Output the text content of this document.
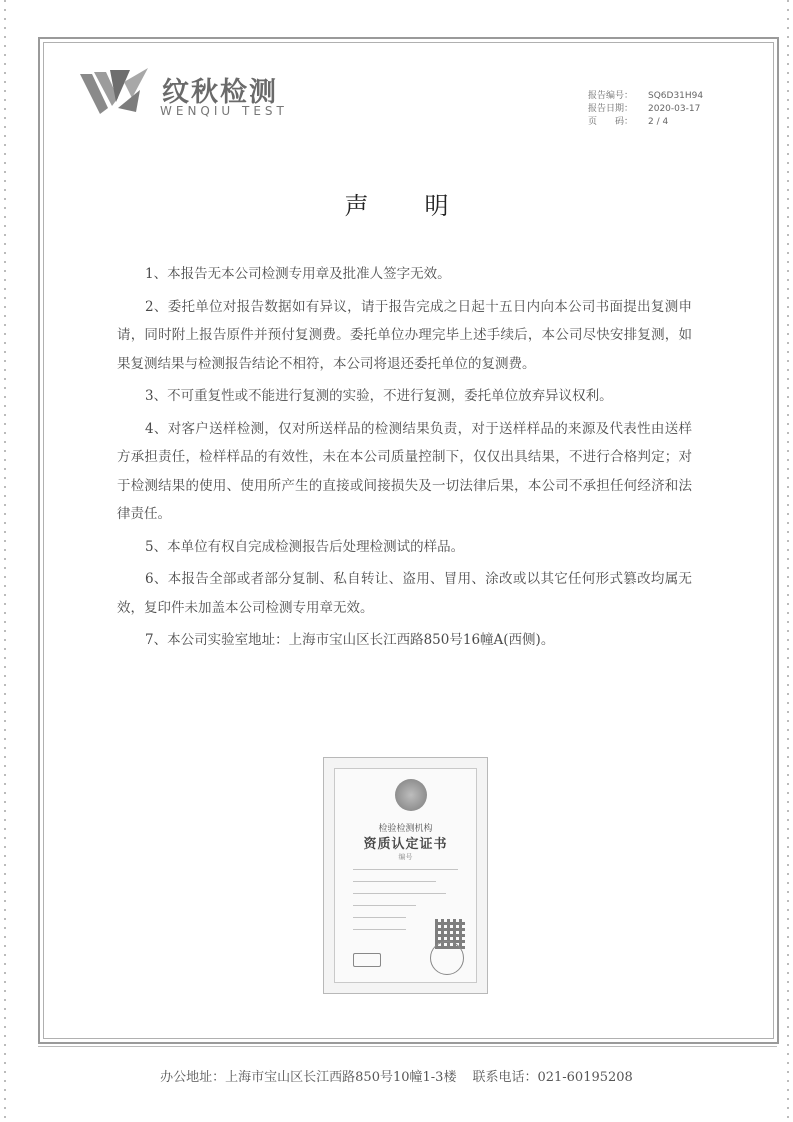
纹秋检测
WENQIU TEST
报告编号：	SQ6D31H94
报告日期：	2020-03-17
页　　码：	2 / 4
声明

1、本报告无本公司检测专用章及批准人签字无效。

2、委托单位对报告数据如有异议，请于报告完成之日起十五日内向本公司书面提出复测申请，同时附上报告原件并预付复测费。委托单位办理完毕上述手续后，本公司尽快安排复测，如果复测结果与检测报告结论不相符，本公司将退还委托单位的复测费。

3、不可重复性或不能进行复测的实验，不进行复测，委托单位放弃异议权利。

4、对客户送样检测，仅对所送样品的检测结果负责，对于送样样品的来源及代表性由送样方承担责任，检样样品的有效性，未在本公司质量控制下，仅仅出具结果，不进行合格判定；对于检测结果的使用、使用所产生的直接或间接损失及一切法律后果，本公司不承担任何经济和法律责任。

5、本单位有权自完成检测报告后处理检测试的样品。

6、本报告全部或者部分复制、私自转让、盗用、冒用、涂改或以其它任何形式篡改均属无效，复印件未加盖本公司检测专用章无效。

7、本公司实验室地址：上海市宝山区长江西路850号16幢A(西侧)。

检验检测机构
资质认定证书
编号
办公地址：上海市宝山区长江西路850号10幢1-3楼 联系电话：021-60195208
